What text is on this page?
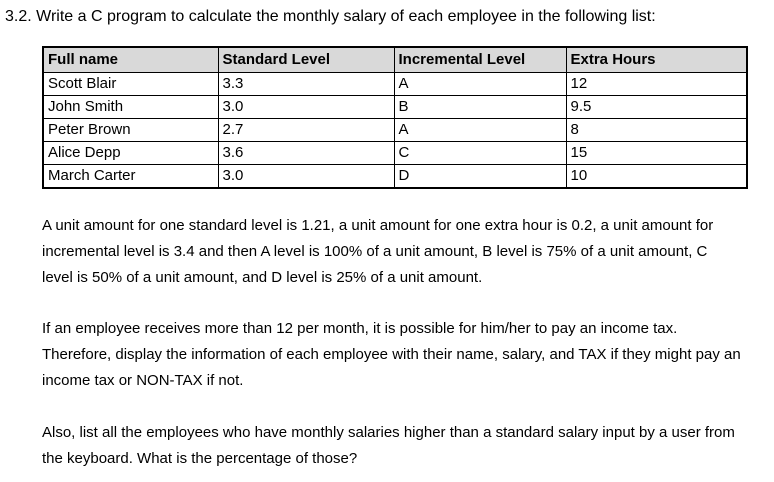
3.2. Write a C program to calculate the monthly salary of each employee in the following list:
Full name	Standard Level	Incremental Level	Extra Hours
Scott Blair	3.3	A	12
John Smith	3.0	B	9.5
Peter Brown	2.7	A	8
Alice Depp	3.6	C	15
March Carter	3.0	D	10

A unit amount for one standard level is 1.21, a unit amount for one extra hour is 0.2, a unit amount for incremental level is 3.4 and then A level is 100% of a unit amount, B level is 75% of a unit amount, C level is 50% of a unit amount, and D level is 25% of a unit amount.

If an employee receives more than 12 per month, it is possible for him/her to pay an income tax. Therefore, display the information of each employee with their name, salary, and TAX if they might pay an income tax or NON-TAX if not.

Also, list all the employees who have monthly salaries higher than a standard salary input by a user from the keyboard. What is the percentage of those?
